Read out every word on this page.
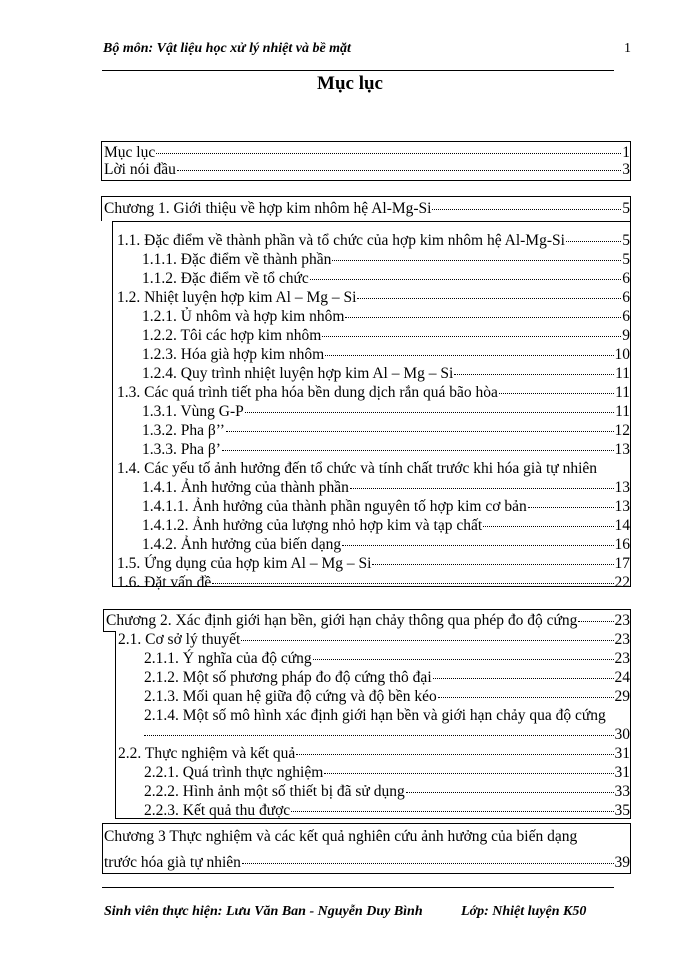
Bộ môn: Vật liệu học xử lý nhiệt và bề mặt	1
Mục lục
Mục lục	1
Lời nói đầu	3
Chương 1. Giới thiệu về hợp kim nhôm hệ Al-Mg-Si	5
1.1. Đặc điểm về thành phần và tổ chức của hợp kim nhôm hệ Al-Mg-Si	5
1.1.1. Đặc điểm về thành phần	5
1.1.2. Đặc điểm về tổ chức	6
1.2. Nhiệt luyện hợp kim Al – Mg – Si	6
1.2.1. Ủ nhôm và hợp kim nhôm	6
1.2.2. Tôi các hợp kim nhôm	9
1.2.3. Hóa già hợp kim nhôm	10
1.2.4. Quy trình nhiệt luyện hợp kim Al – Mg – Si	11
1.3. Các quá trình tiết pha hóa bền dung dịch rắn quá bão hòa	11
1.3.1. Vùng G-P	11
1.3.2. Pha β’’	12
1.3.3. Pha β’	13
1.4. Các yếu tố ảnh hưởng đến tổ chức và tính chất trước khi hóa già tự nhiên
1.4.1. Ảnh hưởng của thành phần	13
1.4.1.1. Ảnh hưởng của thành phần nguyên tố hợp kim cơ bản	13
1.4.1.2. Ảnh hưởng của lượng nhỏ hợp kim và tạp chất	14
1.4.2. Ảnh hưởng của biến dạng	16
1.5. Ứng dụng của hợp kim Al – Mg – Si	17
1.6. Đặt vấn đề	22
Chương 2. Xác định giới hạn bền, giới hạn chảy thông qua phép đo độ cứng 23
2.1. Cơ sở lý thuyết	23
2.1.1. Ý nghĩa của độ cứng	23
2.1.2. Một số phương pháp đo độ cứng thô đại	24
2.1.3. Mối quan hệ giữa độ cứng và độ bền kéo	29
2.1.4. Một số mô hình xác định giới hạn bền và giới hạn chảy qua độ cứng
30
2.2. Thực nghiệm và kết quả	31
2.2.1. Quá trình thực nghiệm	31
2.2.2. Hình ảnh một số thiết bị đã sử dụng	33
2.2.3. Kết quả thu được	35
Chương 3 Thực nghiệm và các kết quả nghiên cứu ảnh hưởng của biến dạng
trước hóa già tự nhiên	39
Sinh viên thực hiện: Lưu Văn Ban - Nguyễn Duy Bình	Lớp: Nhiệt luyện K50
